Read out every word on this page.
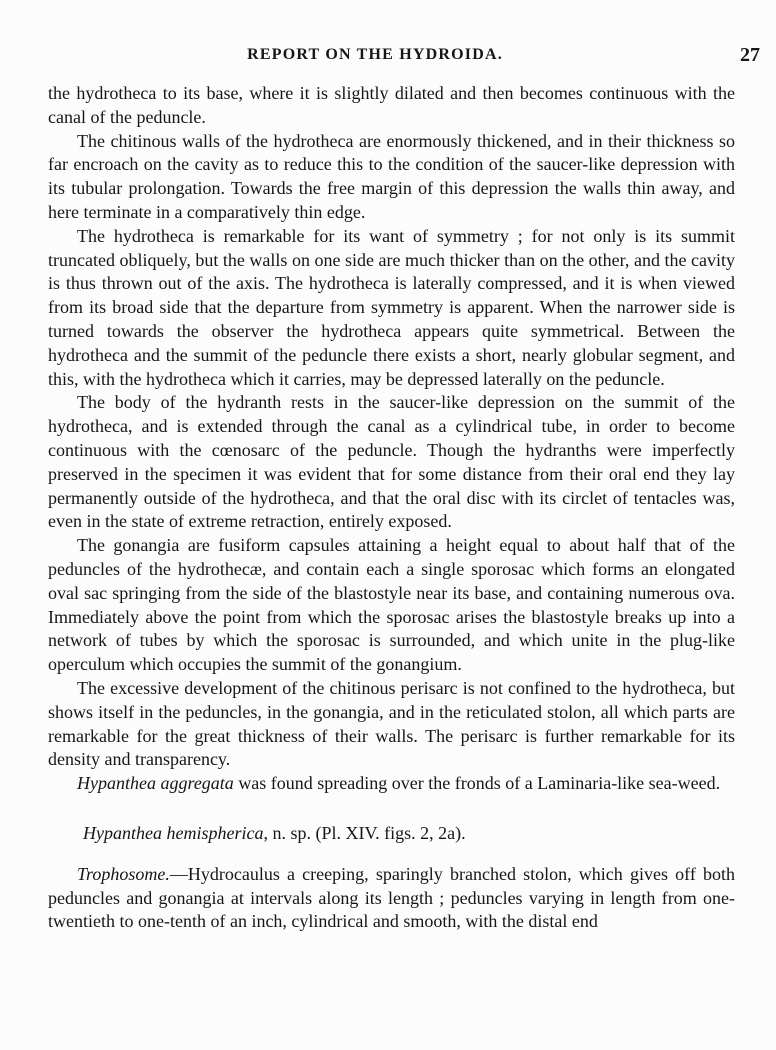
REPORT ON THE HYDROIDA.	27

the hydrotheca to its base, where it is slightly dilated and then becomes continuous with the canal of the peduncle.

The chitinous walls of the hydrotheca are enormously thickened, and in their thickness so far encroach on the cavity as to reduce this to the condition of the saucer-like depression with its tubular prolongation. Towards the free margin of this depression the walls thin away, and here terminate in a comparatively thin edge.

The hydrotheca is remarkable for its want of symmetry ; for not only is its summit truncated obliquely, but the walls on one side are much thicker than on the other, and the cavity is thus thrown out of the axis. The hydrotheca is laterally compressed, and it is when viewed from its broad side that the departure from symmetry is apparent. When the narrower side is turned towards the observer the hydrotheca appears quite symmetrical. Between the hydrotheca and the summit of the peduncle there exists a short, nearly globular segment, and this, with the hydrotheca which it carries, may be depressed laterally on the peduncle.

The body of the hydranth rests in the saucer-like depression on the summit of the hydrotheca, and is extended through the canal as a cylindrical tube, in order to become continuous with the cœnosarc of the peduncle. Though the hydranths were imperfectly preserved in the specimen it was evident that for some distance from their oral end they lay permanently outside of the hydrotheca, and that the oral disc with its circlet of tentacles was, even in the state of extreme retraction, entirely exposed.

The gonangia are fusiform capsules attaining a height equal to about half that of the peduncles of the hydrothecæ, and contain each a single sporosac which forms an elongated oval sac springing from the side of the blastostyle near its base, and containing numerous ova. Immediately above the point from which the sporosac arises the blastostyle breaks up into a network of tubes by which the sporosac is surrounded, and which unite in the plug-like operculum which occupies the summit of the gonangium.

The excessive development of the chitinous perisarc is not confined to the hydrotheca, but shows itself in the peduncles, in the gonangia, and in the reticulated stolon, all which parts are remarkable for the great thickness of their walls. The perisarc is further remarkable for its density and transparency.

Hypanthea aggregata was found spreading over the fronds of a Laminaria-like sea-weed.

Hypanthea hemispherica, n. sp. (Pl. XIV. figs. 2, 2a).

Trophosome.—Hydrocaulus a creeping, sparingly branched stolon, which gives off both peduncles and gonangia at intervals along its length ; peduncles varying in length from one-twentieth to one-tenth of an inch, cylindrical and smooth, with the distal end
